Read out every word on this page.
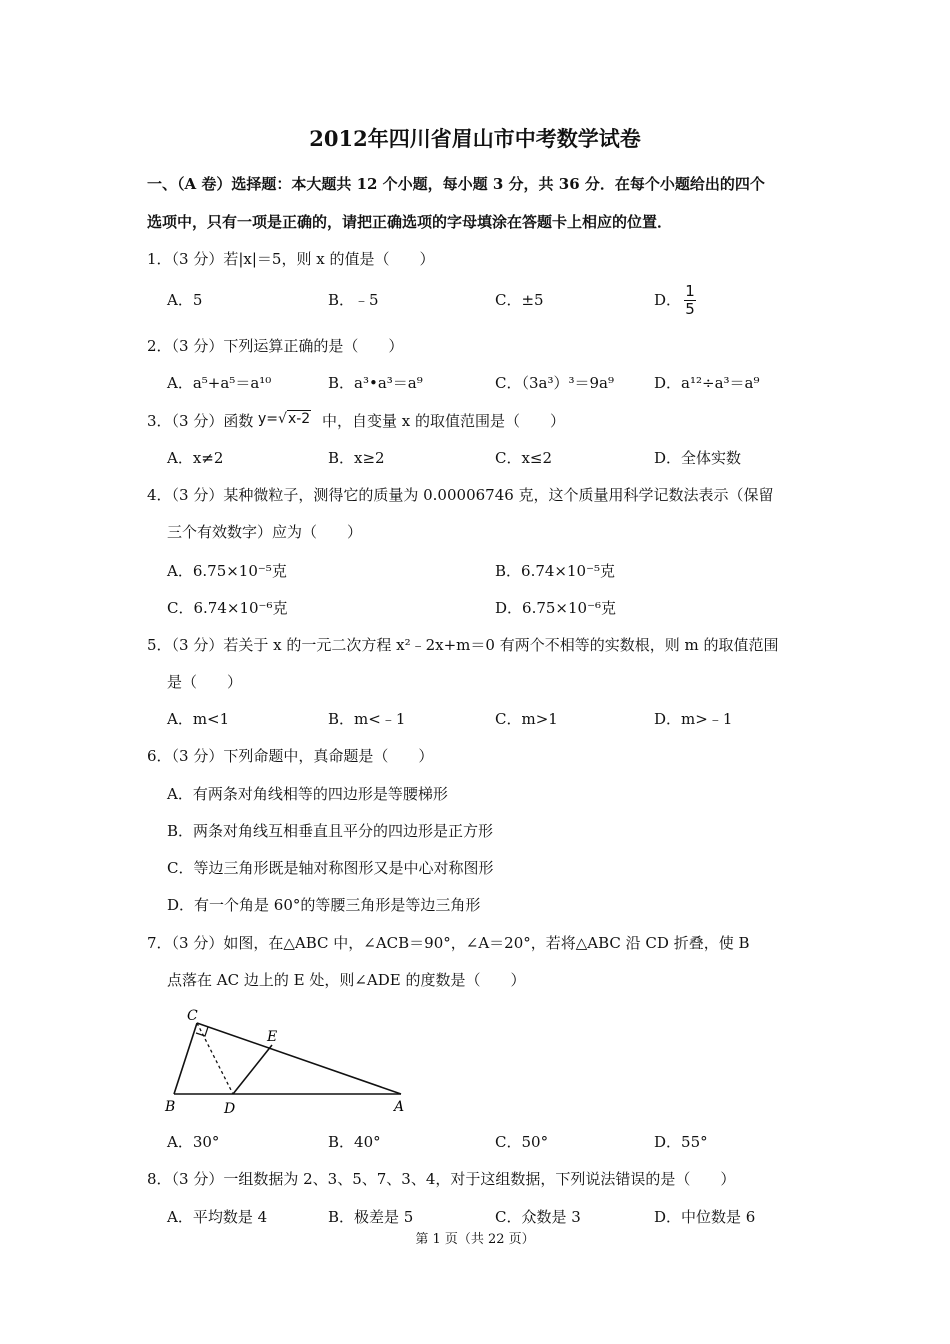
2012年四川省眉山市中考数学试卷
一、（A 卷）选择题：本大题共 12 个小题，每小题 3 分，共 36 分．在每个小题给出的四个
选项中，只有一项是正确的，请把正确选项的字母填涂在答题卡上相应的位置．
1．（3 分）若|x|＝5，则 x 的值是（　　）
A．5	B．﹣5	C．±5	D． 1
5
2．（3 分）下列运算正确的是（　　）
A．a⁵+a⁵＝a¹⁰	B．a³•a³＝a⁹	C．（3a³）³＝9a⁹	D．a¹²÷a³＝a⁹
3．（3 分）函数 y=√x-2 中，自变量 x 的取值范围是（　　）
A．x≠2	B．x≥2	C．x≤2	D．全体实数
4．（3 分）某种微粒子，测得它的质量为 0.00006746 克，这个质量用科学记数法表示（保留
三个有效数字）应为（　　）
A．6.75×10⁻⁵克	B．6.74×10⁻⁵克
C．6.74×10⁻⁶克	D．6.75×10⁻⁶克
5．（3 分）若关于 x 的一元二次方程 x²﹣2x+m＝0 有两个不相等的实数根，则 m 的取值范围
是（　　）
A．m<1	B．m<﹣1	C．m>1	D．m>﹣1
6．（3 分）下列命题中，真命题是（　　）
A．有两条对角线相等的四边形是等腰梯形
B．两条对角线互相垂直且平分的四边形是正方形
C．等边三角形既是轴对称图形又是中心对称图形
D．有一个角是 60°的等腰三角形是等边三角形
7．（3 分）如图，在△ABC 中，∠ACB＝90°，∠A＝20°，若将△ABC 沿 CD 折叠，使 B
点落在 AC 边上的 E 处，则∠ADE 的度数是（　　）
C
E
B	D	A
A．30°	B．40°	C．50°	D．55°
8．（3 分）一组数据为 2、3、5、7、3、4，对于这组数据，下列说法错误的是（　　）
A．平均数是 4	B．极差是 5	C．众数是 3	D．中位数是 6
第 1 页（共 22 页）
